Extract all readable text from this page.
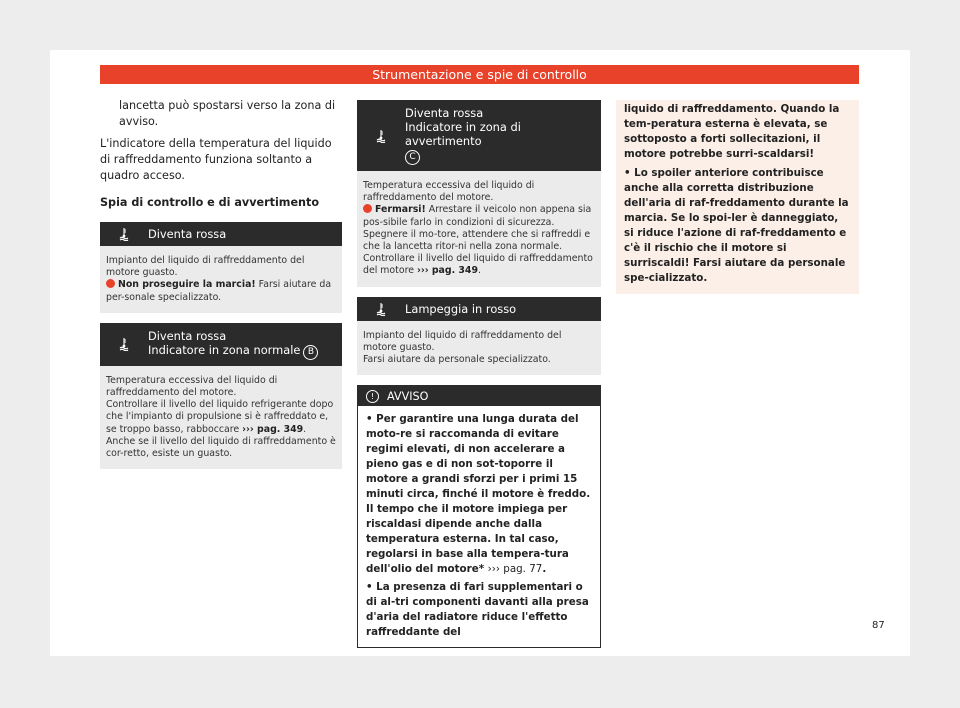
Strumentazione e spie di controllo

lancetta può spostarsi verso la zona di avviso.

L'indicatore della temperatura del liquido di raffreddamento funziona soltanto a quadro acceso.

Spia di controllo e di avvertimento
Diventa rossa
Impianto del liquido di raffreddamento del motore guasto.
Non proseguire la marcia! Farsi aiutare da per-sonale specializzato.
Diventa rossa
Indicatore in zona normale B
Temperatura eccessiva del liquido di raffreddamento del motore.
Controllare il livello del liquido refrigerante dopo che l'impianto di propulsione si è raffreddato e, se troppo basso, rabboccare ››› pag. 349.
Anche se il livello del liquido di raffreddamento è cor-retto, esiste un guasto.
Diventa rossa
Indicatore in zona di avvertimento
C
Temperatura eccessiva del liquido di raffreddamento del motore.
Fermarsi! Arrestare il veicolo non appena sia pos-sibile farlo in condizioni di sicurezza. Spegnere il mo-tore, attendere che si raffreddi e che la lancetta ritor-ni nella zona normale. Controllare il livello del liquido di raffreddamento del motore ››› pag. 349.
Lampeggia in rosso
Impianto del liquido di raffreddamento del motore guasto.
Farsi aiutare da personale specializzato.
!	AVVISO
• Per garantire una lunga durata del moto-re si raccomanda di evitare regimi elevati, di non accelerare a pieno gas e di non sot-toporre il motore a grandi sforzi per i primi 15 minuti circa, finché il motore è freddo. Il tempo che il motore impiega per riscaldasi dipende anche dalla temperatura esterna. In tal caso, regolarsi in base alla tempera-tura dell'olio del motore* ››› pag. 77.
• La presenza di fari supplementari o di al-tri componenti davanti alla presa d'aria del radiatore riduce l'effetto raffreddante del
liquido di raffreddamento. Quando la tem-peratura esterna è elevata, se sottoposto a forti sollecitazioni, il motore potrebbe surri-scaldarsi!
• Lo spoiler anteriore contribuisce anche alla corretta distribuzione dell'aria di raf-freddamento durante la marcia. Se lo spoi-ler è danneggiato, si riduce l'azione di raf-freddamento e c'è il rischio che il motore si surriscaldi! Farsi aiutare da personale spe-cializzato.
87
